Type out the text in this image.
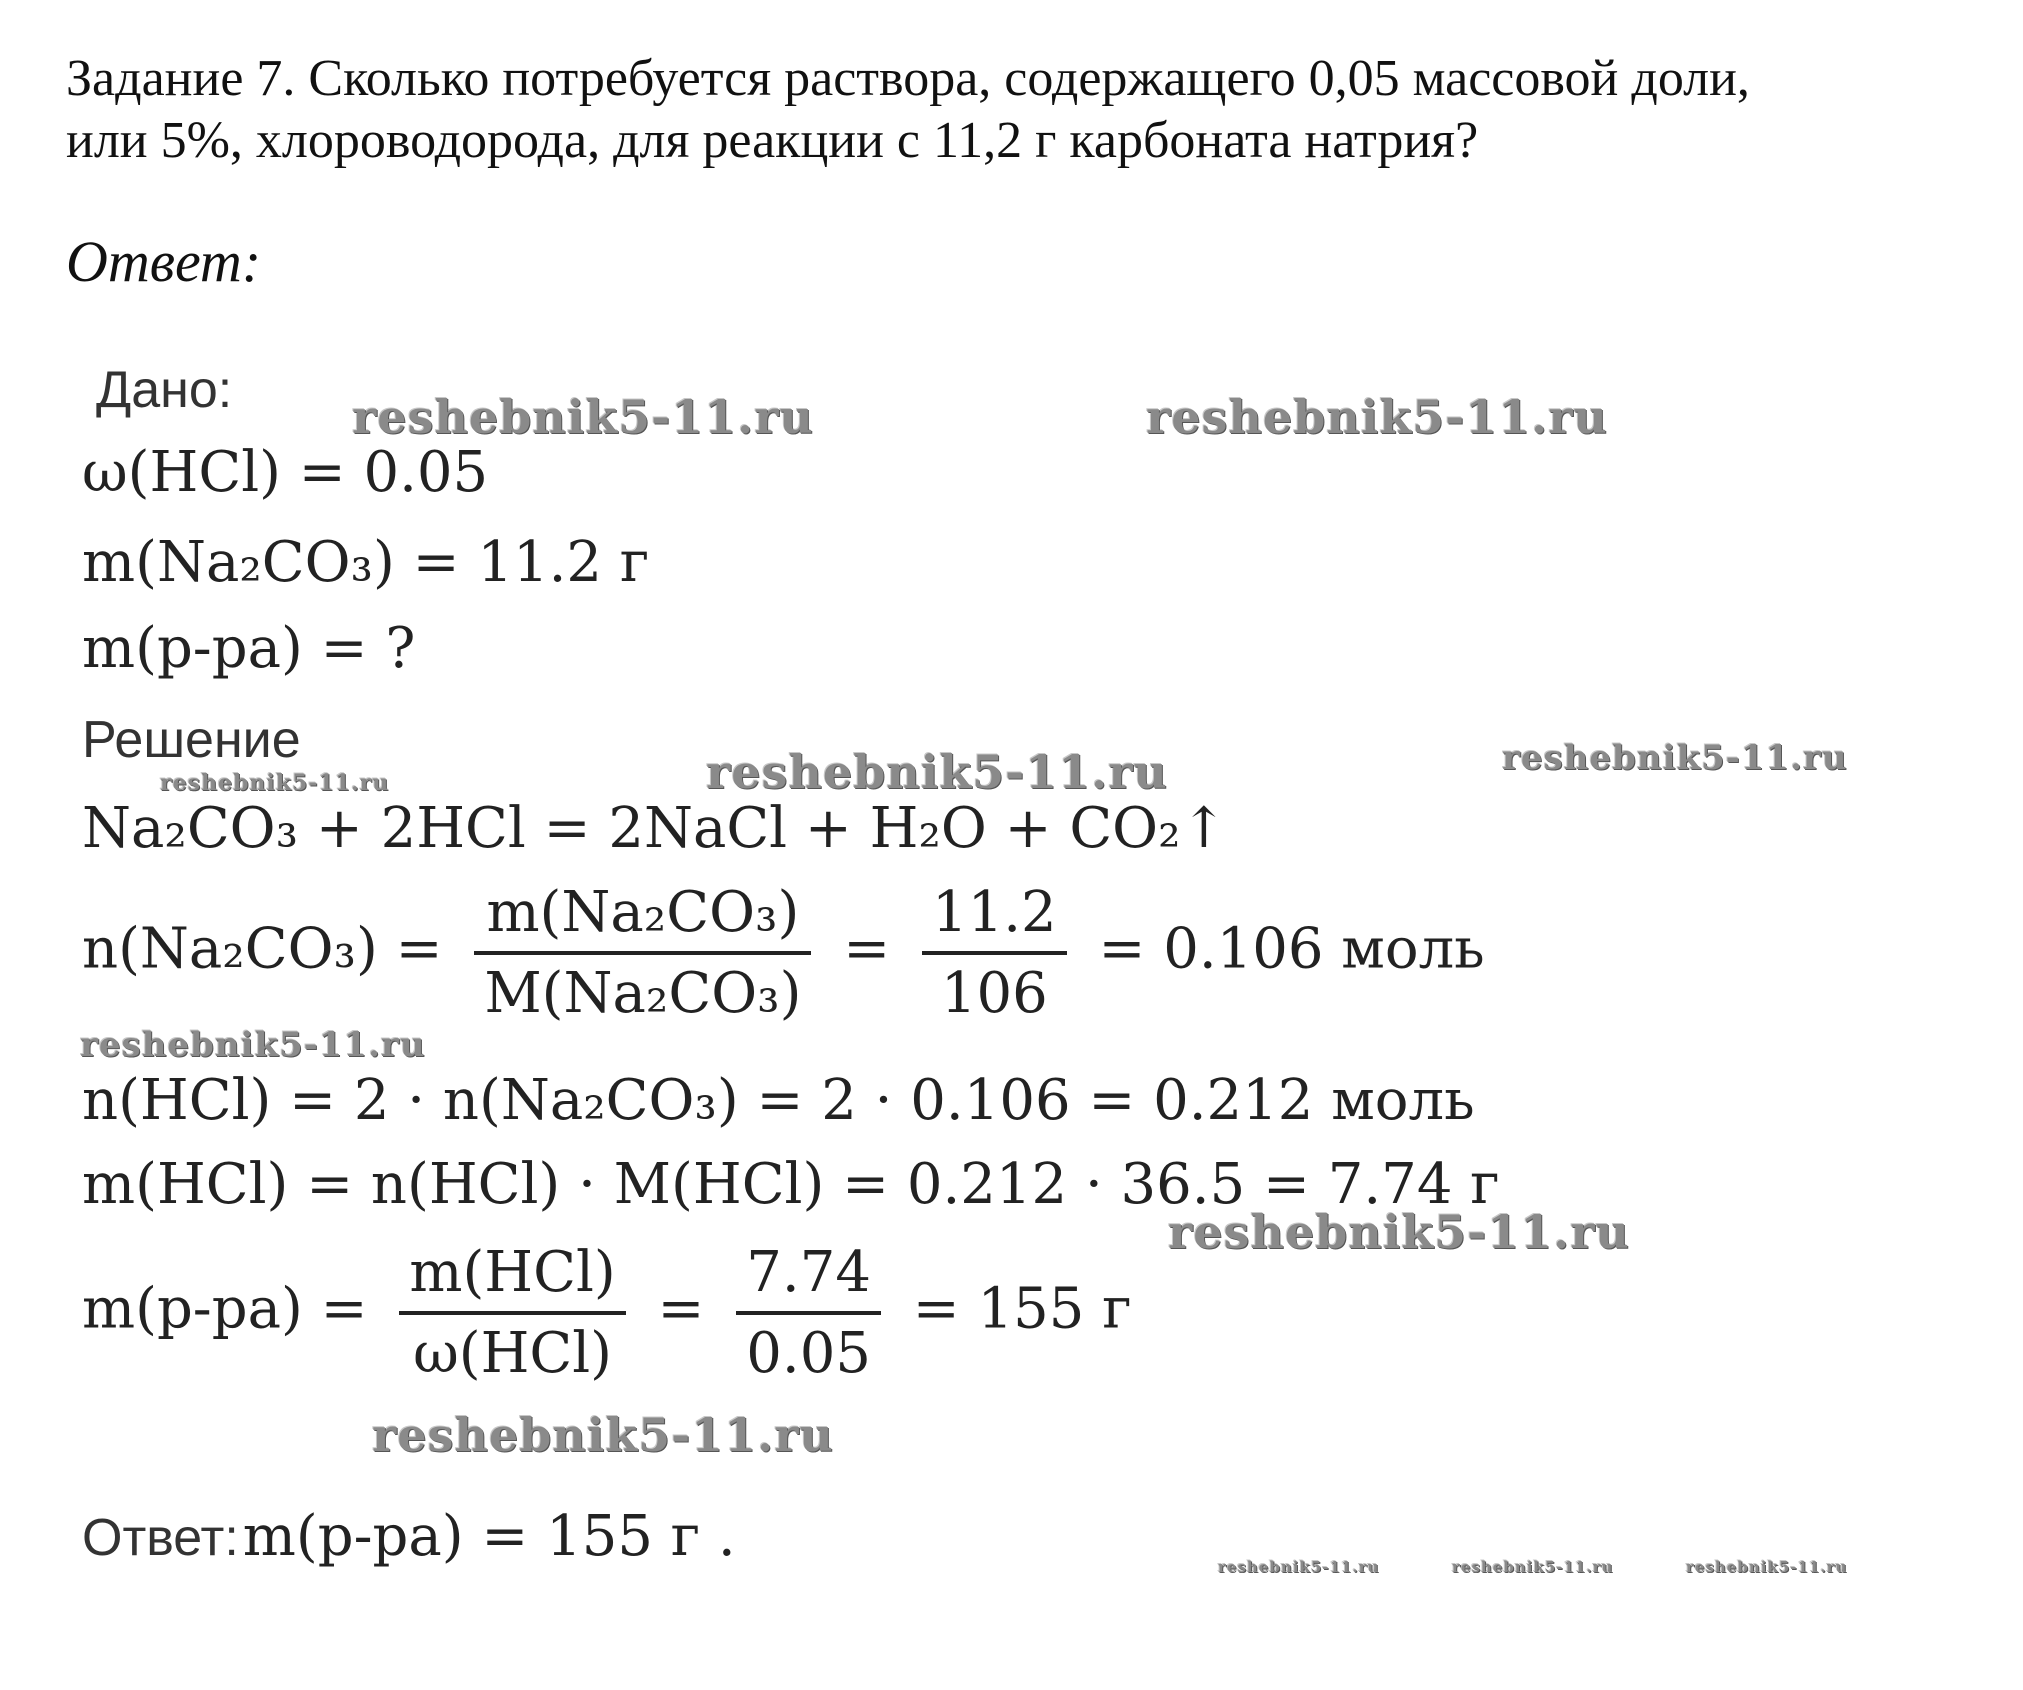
Задание 7. Сколько потребуется раствора, содержащего 0,05 массовой доли,
или 5%, хлороводорода, для реакции с 11,2 г карбоната натрия?
Ответ:
reshebnik5-11.ru	reshebnik5-11.ru
reshebnik5-11.ru	reshebnik5-11.ru
reshebnik5-11.ru
reshebnik5-11.ru
reshebnik5-11.ru
reshebnik5-11.ru
reshebnik5-11.ru	reshebnik5-11.ru	reshebnik5-11.ru
Дано:
ω(HCl) = 0.05
m(Na₂CO₃) = 11.2 г
m(р-ра) = ?
Решение
Na₂CO₃ + 2HCl = 2NaCl + H₂O + CO₂↑
$n(Na_2CO_3) = \frac{\text{m(Na₂CO₃)}}{\text{M(Na₂CO₃)}} = \frac{11.2}{106} = 0.106$ моль
n(HCl) = 2 · n(Na₂CO₃) = 2 · 0.106 = 0.212 моль
m(HCl) = n(HCl) · M(HCl) = 0.212 · 36.5 = 7.74 г
$m(р-ра) = \frac{\text{m(HCl)}}{\text{ω(HCl)}} = \frac{7.74}{0.05} = 155$ г
Ответ: m(р-ра) = 155 г .
